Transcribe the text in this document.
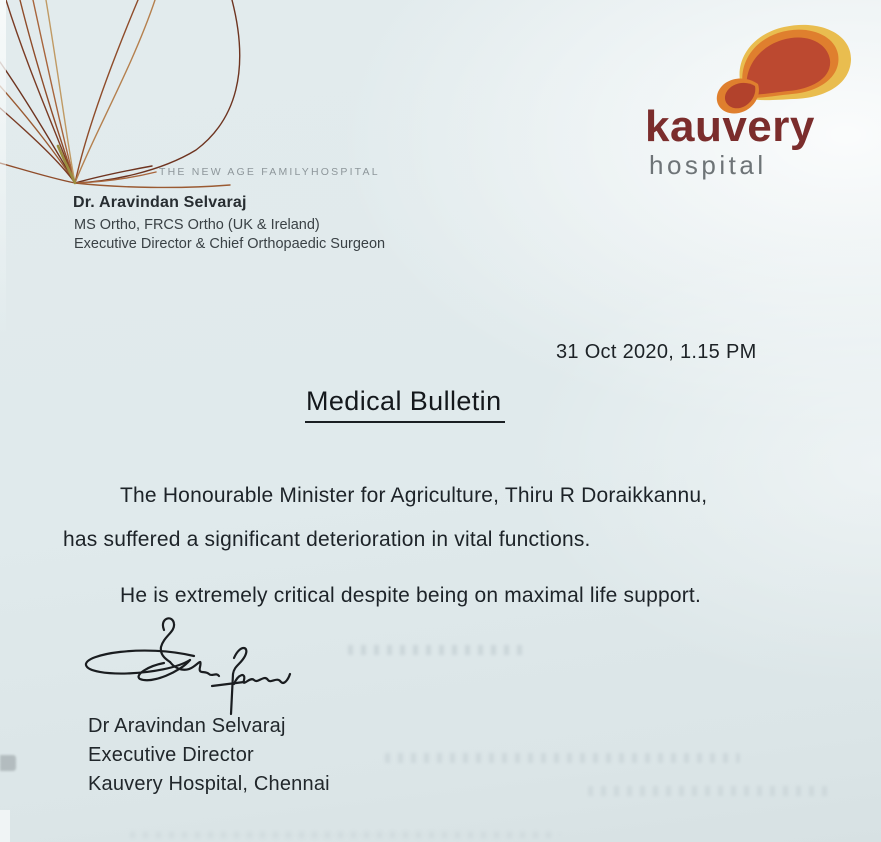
THE NEW AGE FAMILYHOSPITAL
Dr. Aravindan Selvaraj
MS Ortho, FRCS Ortho (UK & Ireland)
Executive Director & Chief Orthopaedic Surgeon
kauvery
hospital
31 Oct 2020, 1.15 PM
Medical Bulletin
The Honourable Minister for Agriculture, Thiru R Doraikkannu,
has suffered a significant deterioration in vital functions.
He is extremely critical despite being on maximal life support.
Dr Aravindan Selvaraj
Executive Director
Kauvery Hospital, Chennai
